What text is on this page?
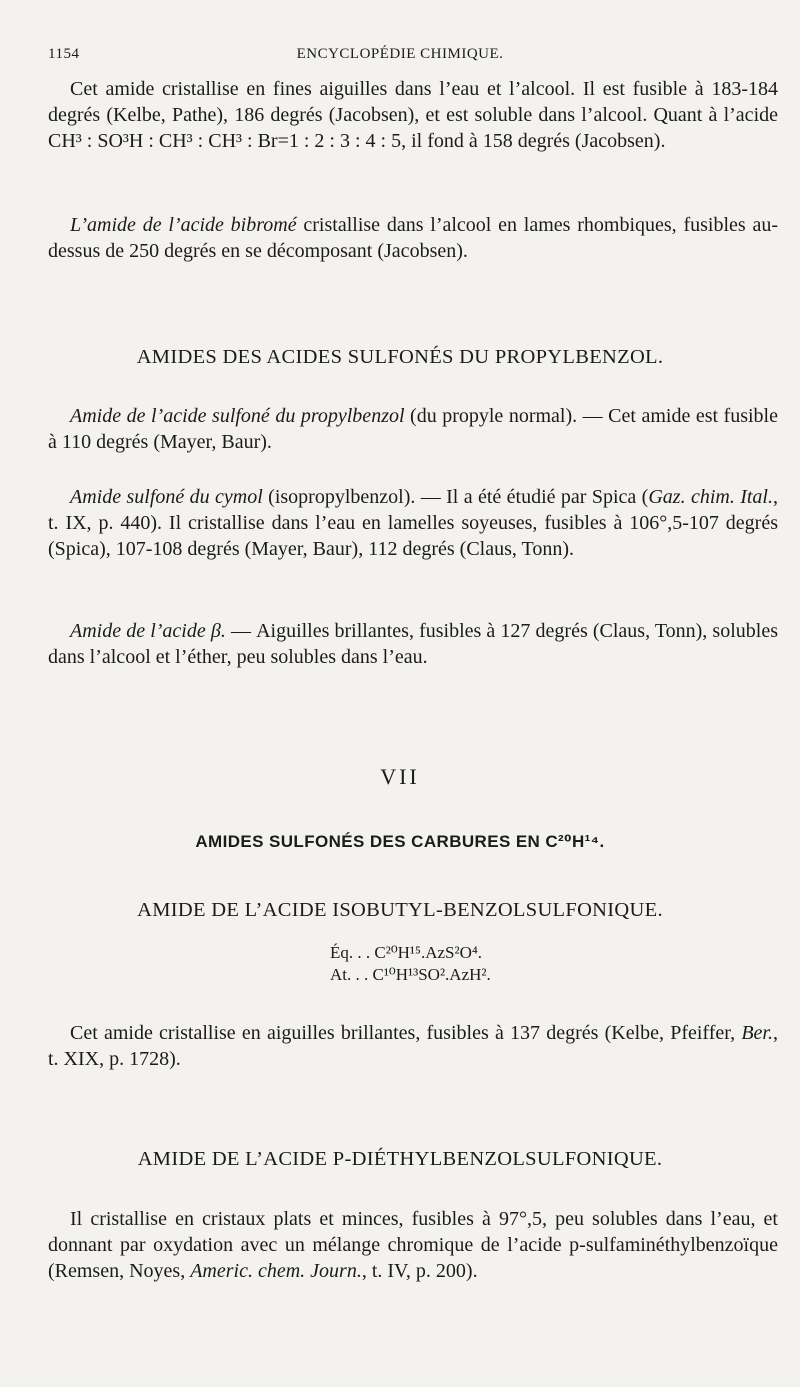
1154	ENCYCLOPÉDIE CHIMIQUE.
Cet amide cristallise en fines aiguilles dans l’eau et l’alcool. Il est fusible à 183-184 degrés (Kelbe, Pathe), 186 degrés (Jacobsen), et est soluble dans l’alcool. Quant à l’acide CH³ : SO³H : CH³ : CH³ : Br=1 : 2 : 3 : 4 : 5, il fond à 158 degrés (Jacobsen).
L’amide de l’acide bibromé cristallise dans l’alcool en lames rhombiques, fusibles au-dessus de 250 degrés en se décomposant (Jacobsen).
AMIDES DES ACIDES SULFONÉS DU PROPYLBENZOL.
Amide de l’acide sulfoné du propylbenzol (du propyle normal). — Cet amide est fusible à 110 degrés (Mayer, Baur).
Amide sulfoné du cymol (isopropylbenzol). — Il a été étudié par Spica (Gaz. chim. Ital., t. IX, p. 440). Il cristallise dans l’eau en lamelles soyeuses, fusibles à 106°,5-107 degrés (Spica), 107-108 degrés (Mayer, Baur), 112 degrés (Claus, Tonn).
Amide de l’acide β. — Aiguilles brillantes, fusibles à 127 degrés (Claus, Tonn), solubles dans l’alcool et l’éther, peu solubles dans l’eau.
VII
AMIDES SULFONÉS DES CARBURES EN C²⁰H¹⁴.
AMIDE DE L’ACIDE ISOBUTYL-BENZOLSULFONIQUE.
Éq. . . C²⁰H¹⁵.AzS²O⁴.
At. . . C¹⁰H¹³SO².AzH².
Cet amide cristallise en aiguilles brillantes, fusibles à 137 degrés (Kelbe, Pfeiffer, Ber., t. XIX, p. 1728).
AMIDE DE L’ACIDE P-DIÉTHYLBENZOLSULFONIQUE.
Il cristallise en cristaux plats et minces, fusibles à 97°,5, peu solubles dans l’eau, et donnant par oxydation avec un mélange chromique de l’acide p-sulfaminéthylbenzoïque (Remsen, Noyes, Americ. chem. Journ., t. IV, p. 200).
